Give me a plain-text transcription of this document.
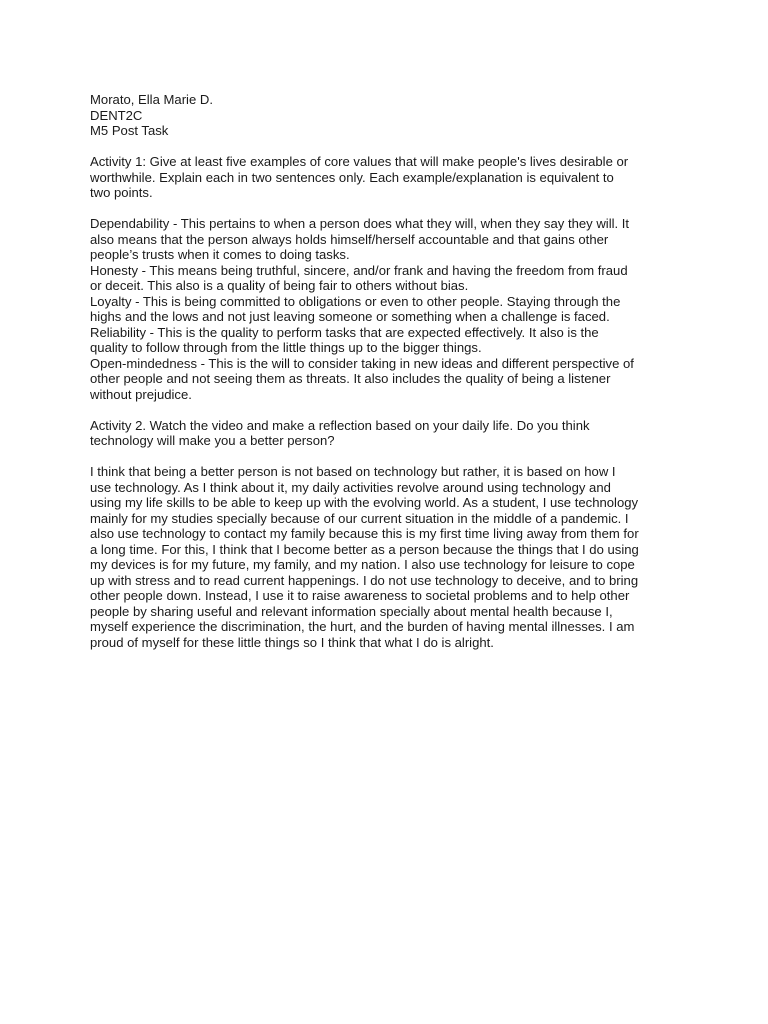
Morato, Ella Marie D.
DENT2C
M5 Post Task
Activity 1: Give at least five examples of core values that will make people's lives desirable or
worthwhile. Explain each in two sentences only. Each example/explanation is equivalent to
two points.
Dependability - This pertains to when a person does what they will, when they say they will. It
also means that the person always holds himself/herself accountable and that gains other
people’s trusts when it comes to doing tasks.
Honesty - This means being truthful, sincere, and/or frank and having the freedom from fraud
or deceit. This also is a quality of being fair to others without bias.
Loyalty - This is being committed to obligations or even to other people. Staying through the
highs and the lows and not just leaving someone or something when a challenge is faced.
Reliability - This is the quality to perform tasks that are expected effectively. It also is the
quality to follow through from the little things up to the bigger things.
Open-mindedness - This is the will to consider taking in new ideas and different perspective of
other people and not seeing them as threats. It also includes the quality of being a listener
without prejudice.
Activity 2. Watch the video and make a reflection based on your daily life. Do you think
technology will make you a better person?
I think that being a better person is not based on technology but rather, it is based on how I
use technology. As I think about it, my daily activities revolve around using technology and
using my life skills to be able to keep up with the evolving world. As a student, I use technology
mainly for my studies specially because of our current situation in the middle of a pandemic. I
also use technology to contact my family because this is my first time living away from them for
a long time. For this, I think that I become better as a person because the things that I do using
my devices is for my future, my family, and my nation. I also use technology for leisure to cope
up with stress and to read current happenings. I do not use technology to deceive, and to bring
other people down. Instead, I use it to raise awareness to societal problems and to help other
people by sharing useful and relevant information specially about mental health because I,
myself experience the discrimination, the hurt, and the burden of having mental illnesses. I am
proud of myself for these little things so I think that what I do is alright.
